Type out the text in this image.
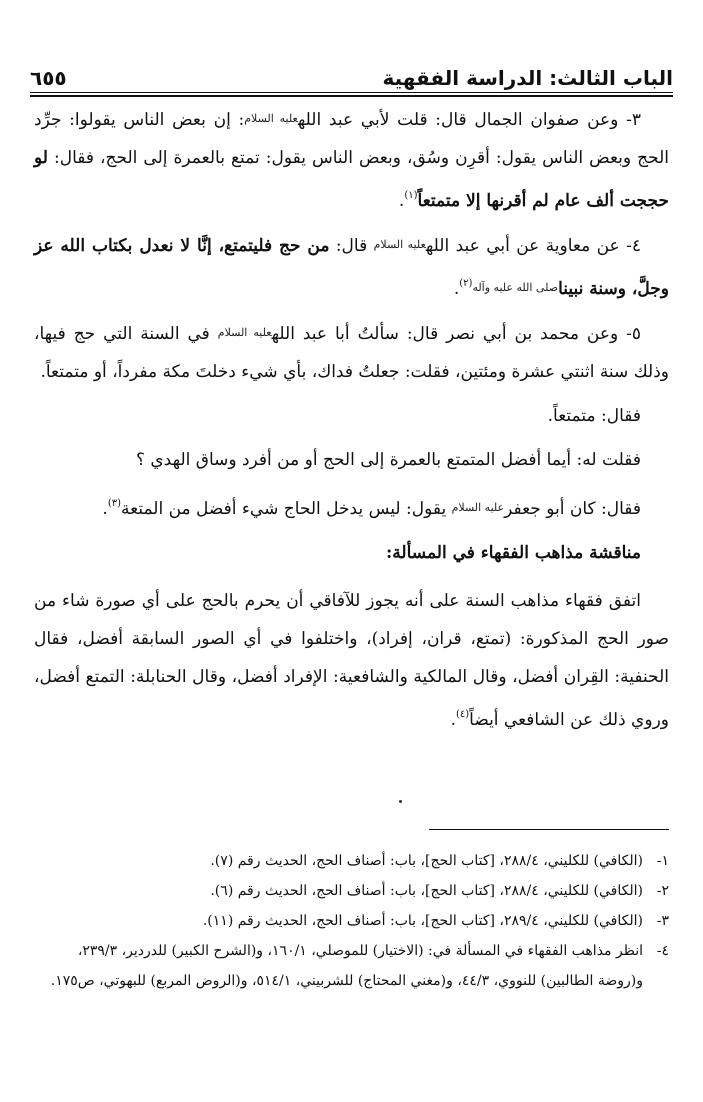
الباب الثالث: الدراسة الفقهية
٦٥٥

٣- وعن صفوان الجمال قال: قلت لأبي عبد اللهعليه السلام: إن بعض الناس يقولوا: جرِّد الحج وبعض الناس يقول: أقرِن وسُق، وبعض الناس يقول: تمتع بالعمرة إلى الحج، فقال: لو حججت ألف عام لم أقرنها إلا متمتعاً$^{(١)}$.

٤- عن معاوية عن أبي عبد اللهعليه السلام قال: من حج فليتمتع، إنَّا لا نعدل بكتاب الله عز وجلَّ، وسنة نبيناصلى الله عليه وآله$^{(٢)}$.

٥- وعن محمد بن أبي نصر قال: سألتُ أبا عبد اللهعليه السلام في السنة التي حج فيها، وذلك سنة اثنتي عشرة ومئتين، فقلت: جعلتُ فداك، بأي شيء دخلتَ مكة مفرداً، أو متمتعاً.

فقال: متمتعاً.

فقلت له: أيما أفضل المتمتع بالعمرة إلى الحج أو من أفرد وساق الهدي ؟

فقال: كان أبو جعفرعليه السلام يقول: ليس يدخل الحاج شيء أفضل من المتعة$^{(٣)}$.

مناقشة مذاهب الفقهاء في المسألة:

اتفق فقهاء مذاهب السنة على أنه يجوز للآفاقي أن يحرم بالحج على أي صورة شاء من صور الحج المذكورة: (تمتع، قران، إفراد)، واختلفوا في أي الصور السابقة أفضل، فقال الحنفية: القِران أفضل، وقال المالكية والشافعية: الإفراد أفضل، وقال الحنابلة: التمتع أفضل، وروي ذلك عن الشافعي أيضاً$^{(٤)}$.

١-(الكافي) للكليني، ٢٨٨/٤، [كتاب الحج]، باب: أصناف الحج، الحديث رقم (٧).

٢-(الكافي) للكليني، ٢٨٨/٤، [كتاب الحج]، باب: أصناف الحج، الحديث رقم (٦).

٣-(الكافي) للكليني، ٢٨٩/٤، [كتاب الحج]، باب: أصناف الحج، الحديث رقم (١١).

٤-انظر مذاهب الفقهاء في المسألة في: (الاختيار) للموصلي، ١٦٠/١، و(الشرح الكبير) للدردير، ٢٣٩/٣، و(روضة الطالبين) للنووي، ٤٤/٣، و(مغني المحتاج) للشربيني، ٥١٤/١، و(الروض المربع) للبهوتي، ص١٧٥.
